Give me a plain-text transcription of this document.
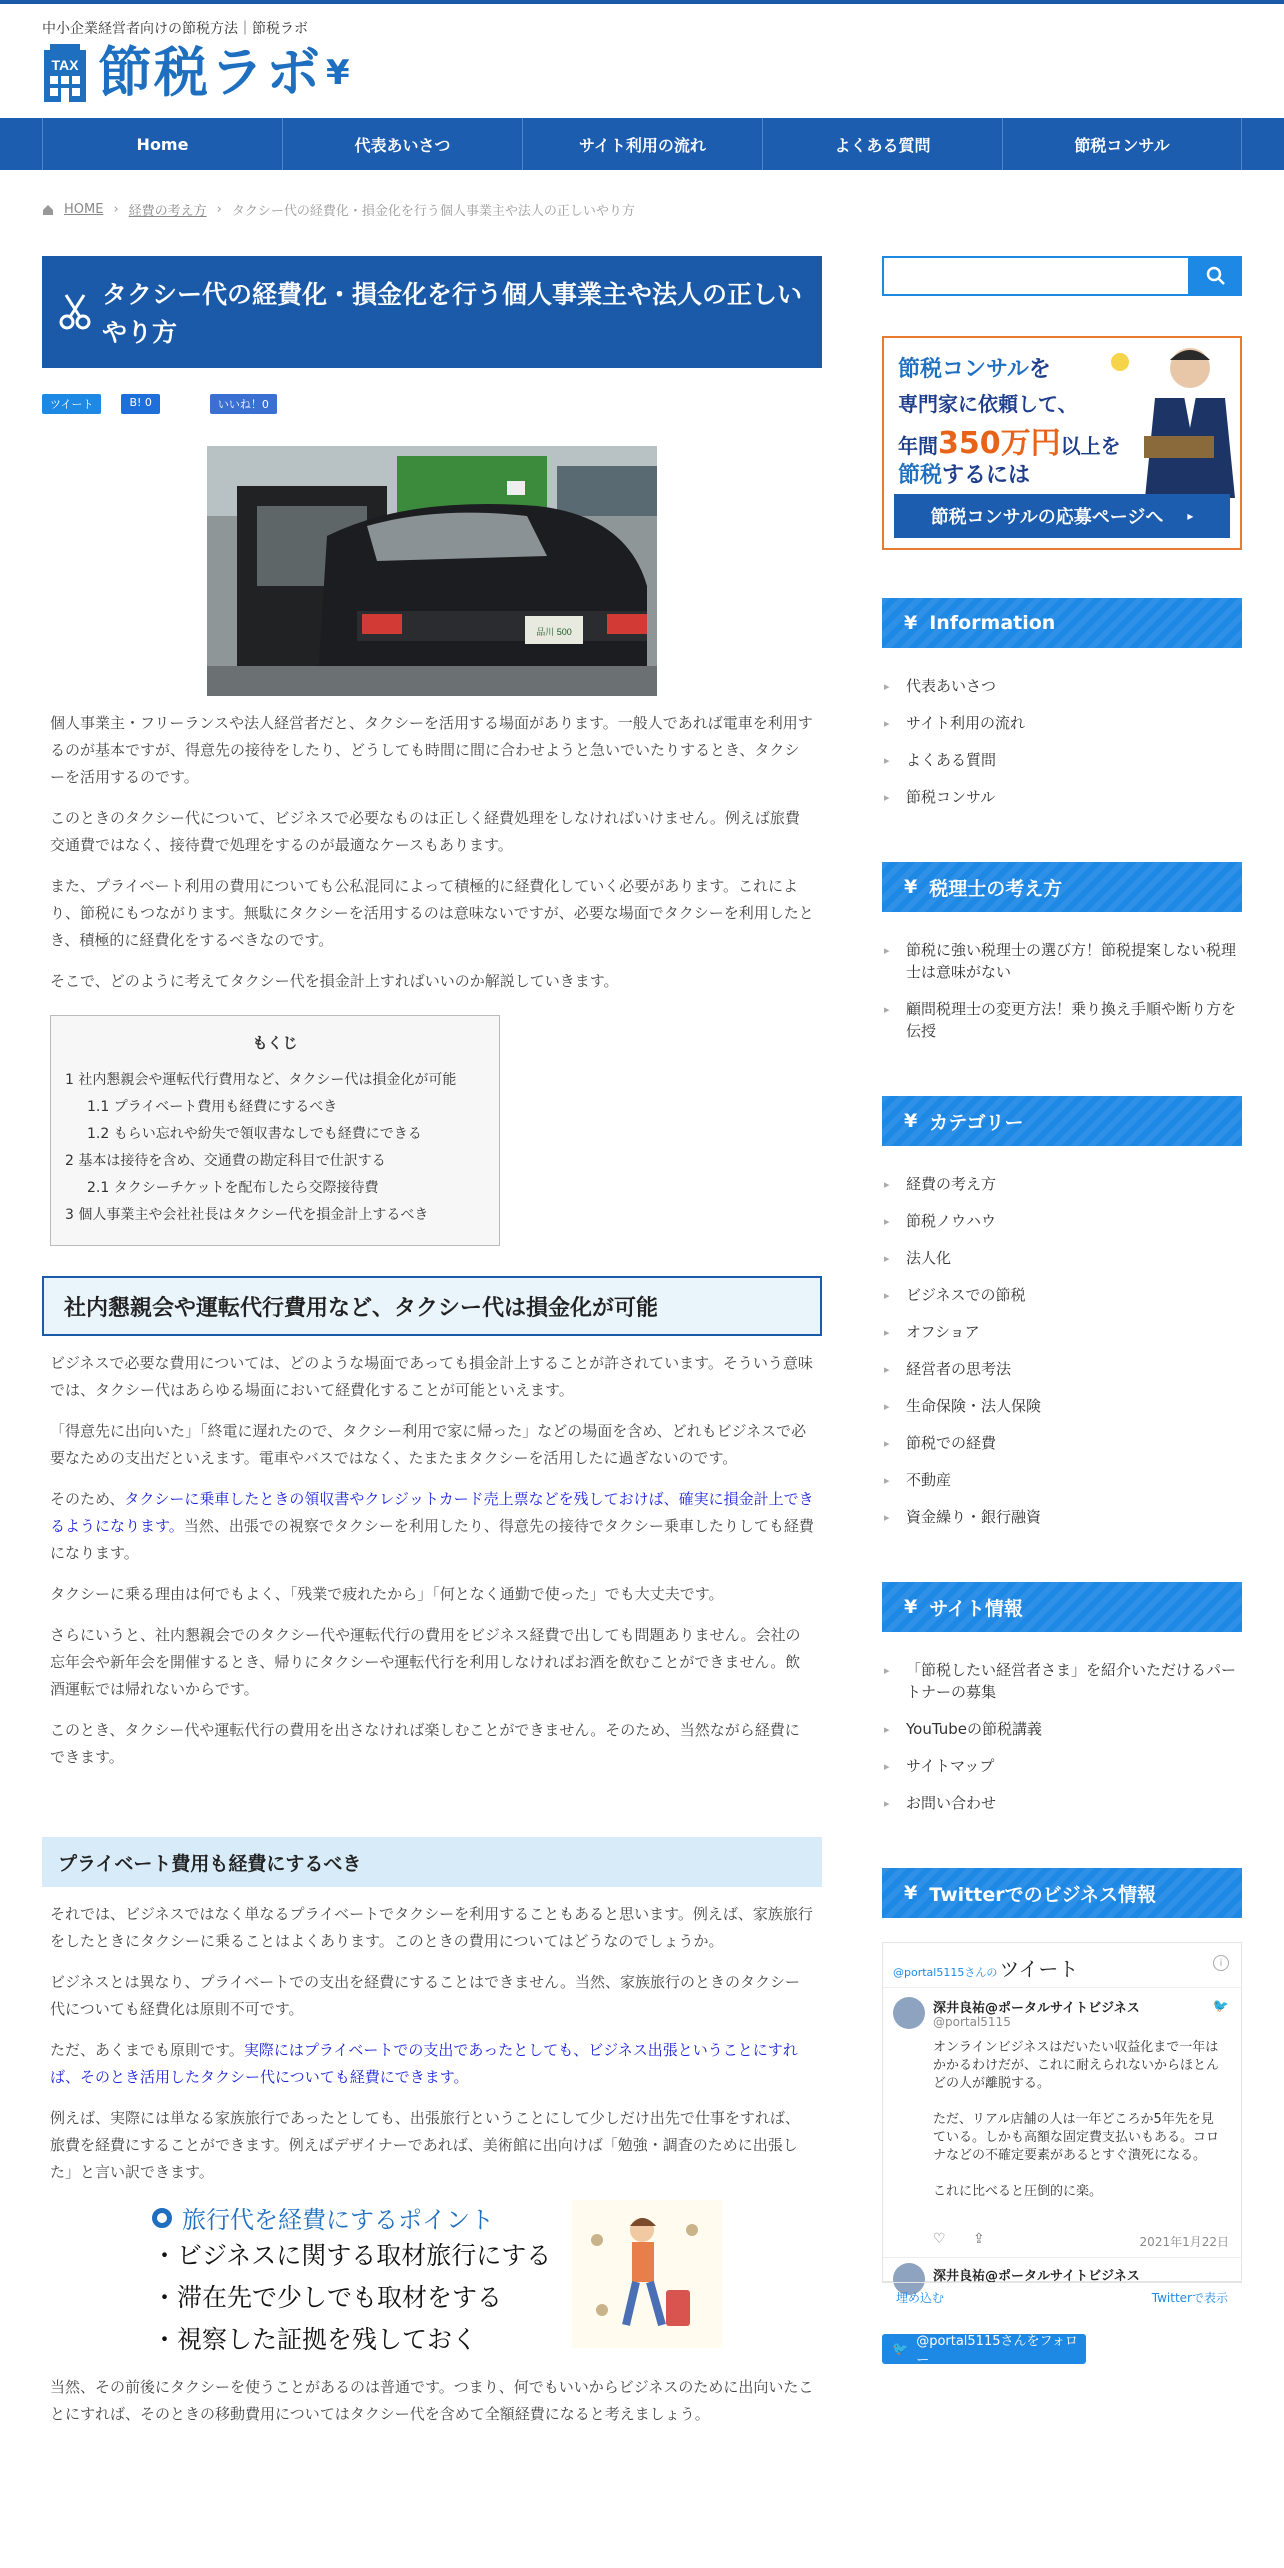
中小企業経営者向けの節税方法｜節税ラボ
TAX 節税ラボ ¥
Home	代表あいさつ	サイト利用の流れ	よくある質問	節税コンサル
HOME › 経費の考え方 › タクシー代の経費化・損金化を行う個人事業主や法人の正しいやり方
タクシー代の経費化・損金化を行う個人事業主や法人の正しいやり方
ツイート	B! 0	いいね！0
品川 500

個人事業主・フリーランスや法人経営者だと、タクシーを活用する場面があります。一般人であれば電車を利用するのが基本ですが、得意先の接待をしたり、どうしても時間に間に合わせようと急いでいたりするとき、タクシーを活用するのです。

このときのタクシー代について、ビジネスで必要なものは正しく経費処理をしなければいけません。例えば旅費交通費ではなく、接待費で処理をするのが最適なケースもあります。

また、プライベート利用の費用についても公私混同によって積極的に経費化していく必要があります。これにより、節税にもつながります。無駄にタクシーを活用するのは意味ないですが、必要な場面でタクシーを利用したとき、積極的に経費化をするべきなのです。

そこで、どのように考えてタクシー代を損金計上すればいいのか解説していきます。

もくじ
1 社内懇親会や運転代行費用など、タクシー代は損金化が可能
1.1 プライベート費用も経費にするべき
1.2 もらい忘れや紛失で領収書なしでも経費にできる
2 基本は接待を含め、交通費の勘定科目で仕訳する
2.1 タクシーチケットを配布したら交際接待費
3 個人事業主や会社社長はタクシー代を損金計上するべき
社内懇親会や運転代行費用など、タクシー代は損金化が可能

ビジネスで必要な費用については、どのような場面であっても損金計上することが許されています。そういう意味では、タクシー代はあらゆる場面において経費化することが可能といえます。

「得意先に出向いた」「終電に遅れたので、タクシー利用で家に帰った」などの場面を含め、どれもビジネスで必要なための支出だといえます。電車やバスではなく、たまたまタクシーを活用したに過ぎないのです。

そのため、タクシーに乗車したときの領収書やクレジットカード売上票などを残しておけば、確実に損金計上できるようになります。当然、出張での視察でタクシーを利用したり、得意先の接待でタクシー乗車したりしても経費になります。

タクシーに乗る理由は何でもよく、「残業で疲れたから」「何となく通勤で使った」でも大丈夫です。

さらにいうと、社内懇親会でのタクシー代や運転代行の費用をビジネス経費で出しても問題ありません。会社の忘年会や新年会を開催するとき、帰りにタクシーや運転代行を利用しなければお酒を飲むことができません。飲酒運転では帰れないからです。

このとき、タクシー代や運転代行の費用を出さなければ楽しむことができません。そのため、当然ながら経費にできます。

プライベート費用も経費にするべき

それでは、ビジネスではなく単なるプライベートでタクシーを利用することもあると思います。例えば、家族旅行をしたときにタクシーに乗ることはよくあります。このときの費用についてはどうなのでしょうか。

ビジネスとは異なり、プライベートでの支出を経費にすることはできません。当然、家族旅行のときのタクシー代についても経費化は原則不可です。

ただ、あくまでも原則です。実際にはプライベートでの支出であったとしても、ビジネス出張ということにすれば、そのとき活用したタクシー代についても経費にできます。

例えば、実際には単なる家族旅行であったとしても、出張旅行ということにして少しだけ出先で仕事をすれば、旅費を経費にすることができます。例えばデザイナーであれば、美術館に出向けば「勉強・調査のために出張した」と言い訳できます。

旅行代を経費にするポイント
・ビジネスに関する取材旅行にする
・滞在先で少しでも取材をする
・視察した証拠を残しておく

当然、その前後にタクシーを使うことがあるのは普通です。つまり、何でもいいからビジネスのために出向いたことにすれば、そのときの移動費用についてはタクシー代を含めて全額経費になると考えましょう。

節税コンサルを
専門家に依頼して、
年間350万円以上を
節税するには
節税コンサルの応募ページへ ▸
¥ Information
▸ 代表あいさつ
▸ サイト利用の流れ
▸ よくある質問
▸ 節税コンサル
¥ 税理士の考え方
▸ 節税に強い税理士の選び方！節税提案しない税理士は意味がない
▸ 顧問税理士の変更方法！乗り換え手順や断り方を伝授
¥ カテゴリー
▸ 経費の考え方
▸ 節税ノウハウ
▸ 法人化
▸ ビジネスでの節税
▸ オフショア
▸ 経営者の思考法
▸ 生命保険・法人保険
▸ 節税での経費
▸ 不動産
▸ 資金繰り・銀行融資
¥ サイト情報
▸ 「節税したい経営者さま」を紹介いただけるパートナーの募集
▸ YouTubeの節税講義
▸ サイトマップ
▸ お問い合わせ
¥ Twitterでのビジネス情報
@portal5115さんの ツイート	i
深井良祐@ポータルサイトビジネス
@portal5115
🐦
オンラインビジネスはだいたい収益化まで一年はかかるわけだが、これに耐えられないからほとんどの人が離脱する。
ただ、リアル店舗の人は一年どころか5年先を見ている。しかも高額な固定費支払いもある。コロナなどの不確定要素があるとすぐ潰死になる。
これに比べると圧倒的に楽。
♡ ⇪	2021年1月22日
深井良祐@ポータルサイトビジネス
埋め込む	Twitterで表示
🐦 @portal5115さんをフォロー
